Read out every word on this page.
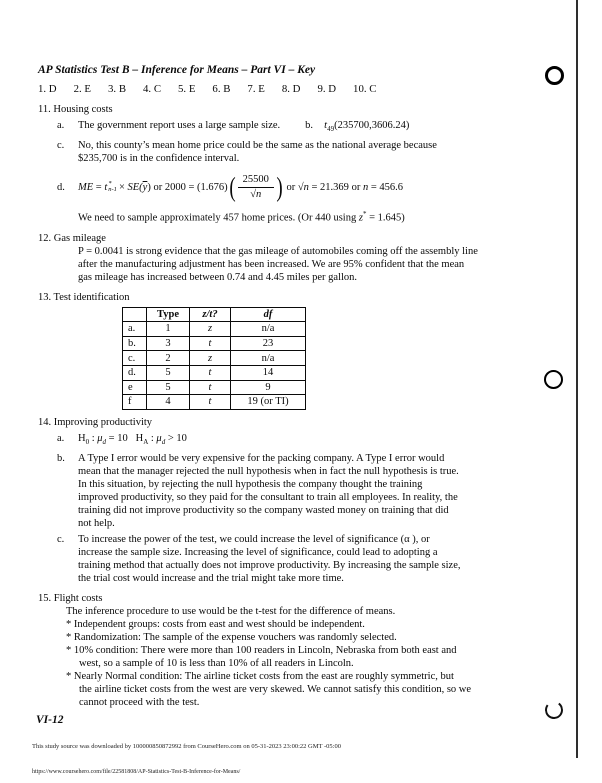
AP Statistics Test B – Inference for Means – Part VI – Key
1. D 2. E 3. B 4. C 5. E 6. B 7. E 8. D 9. D 10. C
11. Housing costs
a.	The government report uses a large sample size. b.	$t_{49}(235700,3606.24)$
c.	No, this county’s mean home price could be the same as the national average because
$235,700 is in the confidence interval.
d.	ME = t *
n-1 × SE( $\overline{y}$ ) or 2000 = (1.676) ( $\frac{25500}{√n}$ ) or √n = 21.369 or n = 456.6
We need to sample approximately 457 home prices. (Or 440 using z* = 1.645)
12. Gas mileage
P = 0.0041 is strong evidence that the gas mileage of automobiles coming off the assembly line
after the manufacturing adjustment has been increased. We are 95% confident that the mean
gas mileage has increased between 0.74 and 4.45 miles per gallon.
13. Test identification
	Type	z/t?	df
a.	1	z	n/a
b.	3	t	23
c.	2	z	n/a
d.	5	t	14
e	5	t	9
f	4	t	19 (or TI)
14. Improving productivity
a.	$H_0$ : $\mu_d = 10$   $H_A$ : $\mu_d > 10$
b.	A Type I error would be very expensive for the packing company. A Type I error would
mean that the manager rejected the null hypothesis when in fact the null hypothesis is true.
In this situation, by rejecting the null hypothesis the company thought the training
improved productivity, so they paid for the consultant to train all employees. In reality, the
training did not improve productivity so the company wasted money on training that did
not help.
c.	To increase the power of the test, we could increase the level of significance (α ), or
increase the sample size. Increasing the level of significance, could lead to adopting a
training method that actually does not improve productivity. By increasing the sample size,
the trial cost would increase and the trial might take more time.
15. Flight costs
The inference procedure to use would be the t-test for the difference of means.
* Independent groups: costs from east and west should be independent.
* Randomization: The sample of the expense vouchers was randomly selected.
* 10% condition: There were more than 100 readers in Lincoln, Nebraska from both east and
west, so a sample of 10 is less than 10% of all readers in Lincoln.
* Nearly Normal condition: The airline ticket costs from the east are roughly symmetric, but
the airline ticket costs from the west are very skewed. We cannot satisfy this condition, so we
cannot proceed with the test.
VI-12
This study source was downloaded by 100000850872992 from CourseHero.com on 05-31-2023 23:00:22 GMT -05:00
https://www.coursehero.com/file/22581808/AP-Statistics-Test-B-Inference-for-Means/
